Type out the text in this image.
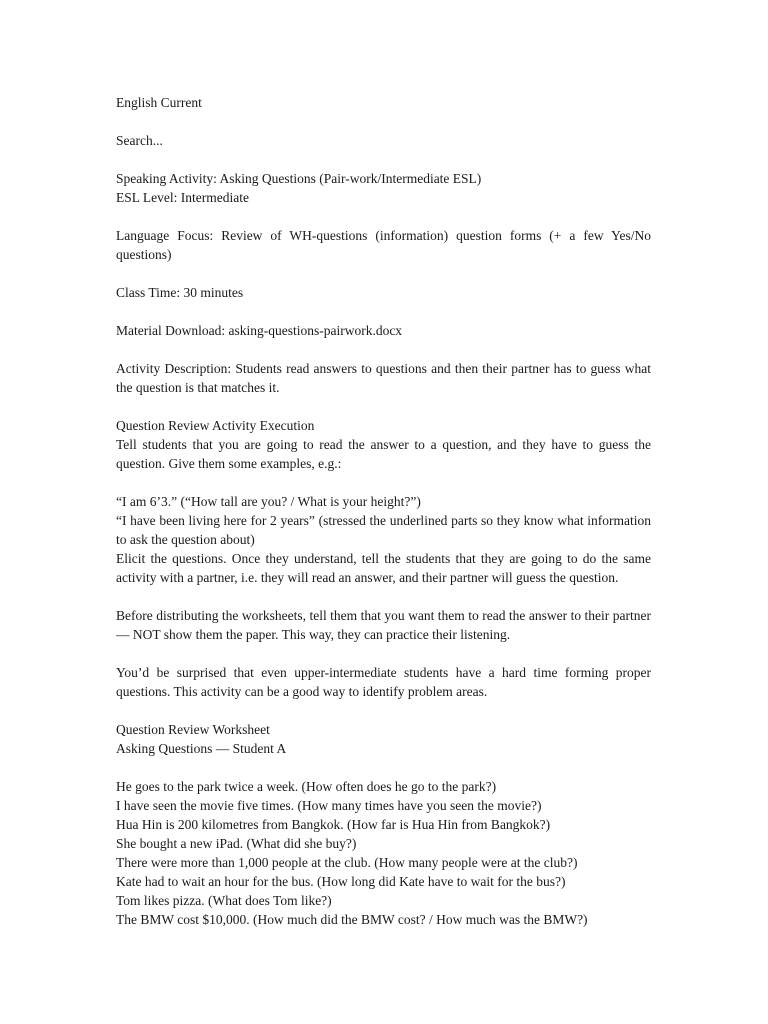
English Current

Search...

Speaking Activity: Asking Questions (Pair-work/Intermediate ESL)

ESL Level: Intermediate

Language Focus: Review of WH-questions (information) question forms (+ a few Yes/No questions)

Class Time: 30 minutes

Material Download: asking-questions-pairwork.docx

Activity Description: Students read answers to questions and then their partner has to guess what the question is that matches it.

Question Review Activity Execution

Tell students that you are going to read the answer to a question, and they have to guess the question. Give them some examples, e.g.:

“I am 6’3.” (“How tall are you? / What is your height?”)

“I have been living here for 2 years” (stressed the underlined parts so they know what information to ask the question about)

Elicit the questions. Once they understand, tell the students that they are going to do the same activity with a partner, i.e. they will read an answer, and their partner will guess the question.

Before distributing the worksheets, tell them that you want them to read the answer to their partner — NOT show them the paper. This way, they can practice their listening.

You’d be surprised that even upper-intermediate students have a hard time forming proper questions. This activity can be a good way to identify problem areas.

Question Review Worksheet

Asking Questions — Student A

He goes to the park twice a week. (How often does he go to the park?)

I have seen the movie five times. (How many times have you seen the movie?)

Hua Hin is 200 kilometres from Bangkok. (How far is Hua Hin from Bangkok?)

She bought a new iPad. (What did she buy?)

There were more than 1,000 people at the club. (How many people were at the club?)

Kate had to wait an hour for the bus. (How long did Kate have to wait for the bus?)

Tom likes pizza. (What does Tom like?)

The BMW cost $10,000. (How much did the BMW cost? / How much was the BMW?)
